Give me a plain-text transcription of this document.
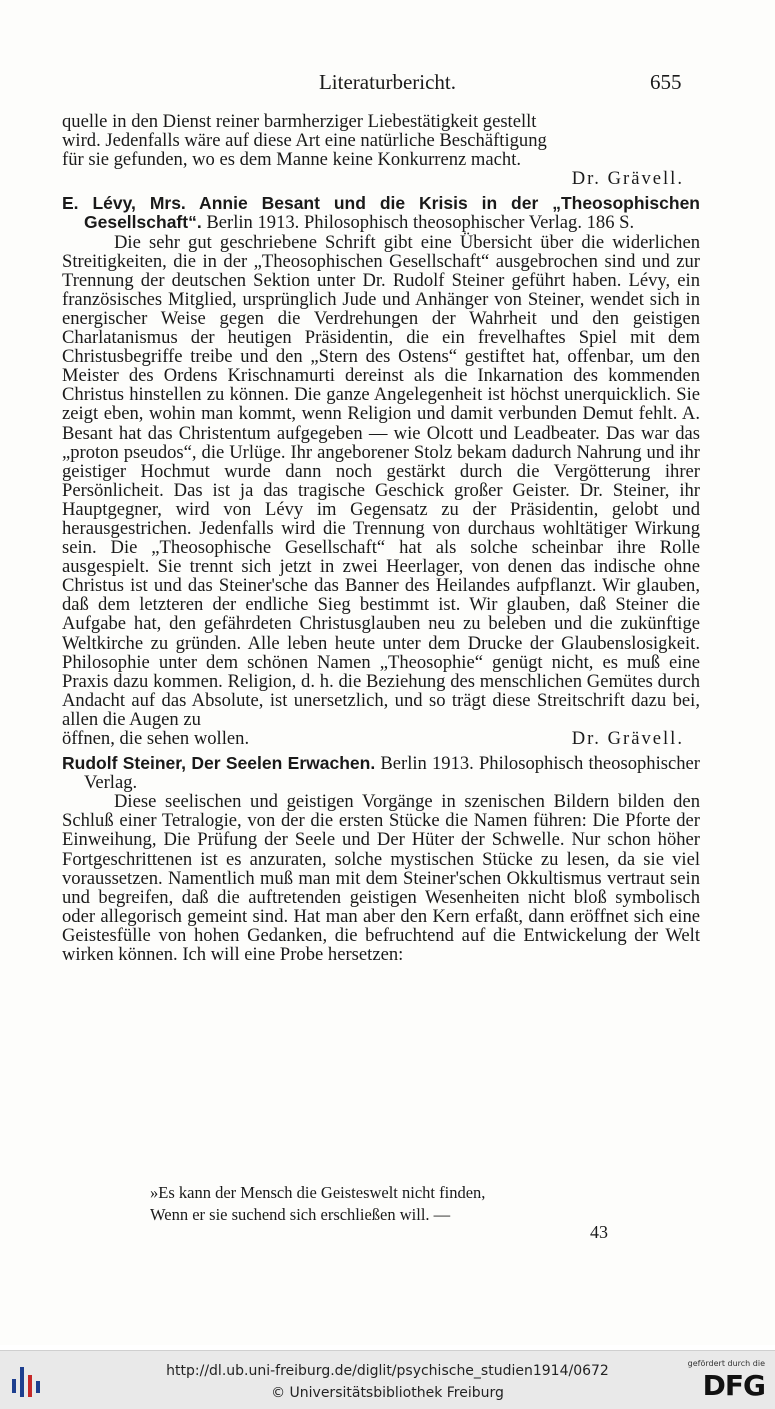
Literaturbericht.	655

quelle in den Dienst reiner barmherziger Liebestätigkeit gestellt

wird. Jedenfalls wäre auf diese Art eine natürliche Beschäftigung

für sie gefunden, wo es dem Manne keine Konkurrenz macht.

Dr. Grävell.

E. Lévy, Mrs. Annie Besant und die Krisis in der „Theosophischen Gesellschaft“. Berlin 1913. Philosophisch theosophischer Verlag. 186 S.

Die sehr gut geschriebene Schrift gibt eine Übersicht über die widerlichen Streitigkeiten, die in der „Theosophischen Gesellschaft“ ausgebrochen sind und zur Trennung der deutschen Sektion unter Dr. Rudolf Steiner geführt haben. Lévy, ein französisches Mitglied, ursprünglich Jude und Anhänger von Steiner, wendet sich in energischer Weise gegen die Verdrehungen der Wahrheit und den geistigen Charlatanismus der heutigen Präsidentin, die ein frevelhaftes Spiel mit dem Christusbegriffe treibe und den „Stern des Ostens“ gestiftet hat, offenbar, um den Meister des Ordens Krischnamurti dereinst als die Inkarnation des kommenden Christus hinstellen zu können. Die ganze Angelegenheit ist höchst unerquicklich. Sie zeigt eben, wohin man kommt, wenn Religion und damit verbunden Demut fehlt. A. Besant hat das Christentum aufgegeben — wie Olcott und Leadbeater. Das war das „proton pseudos“, die Urlüge. Ihr angeborener Stolz bekam dadurch Nahrung und ihr geistiger Hochmut wurde dann noch gestärkt durch die Vergötterung ihrer Persönlicheit. Das ist ja das tragische Geschick großer Geister. Dr. Steiner, ihr Hauptgegner, wird von Lévy im Gegensatz zu der Präsidentin, gelobt und herausgestrichen. Jedenfalls wird die Trennung von durchaus wohltätiger Wirkung sein. Die „Theosophische Gesellschaft“ hat als solche scheinbar ihre Rolle ausgespielt. Sie trennt sich jetzt in zwei Heerlager, von denen das indische ohne Christus ist und das Steiner'sche das Banner des Heilandes aufpflanzt. Wir glauben, daß dem letzteren der endliche Sieg bestimmt ist. Wir glauben, daß Steiner die Aufgabe hat, den gefährdeten Christusglauben neu zu beleben und die zukünftige Weltkirche zu gründen. Alle leben heute unter dem Drucke der Glaubenslosigkeit. Philosophie unter dem schönen Namen „Theosophie“ genügt nicht, es muß eine Praxis dazu kommen. Religion, d. h. die Beziehung des menschlichen Gemütes durch Andacht auf das Absolute, ist unersetzlich, und so trägt diese Streitschrift dazu bei, allen die Augen zu

öffnen, die sehen wollen.	Dr. Grävell.

Rudolf Steiner, Der Seelen Erwachen. Berlin 1913. Philosophisch theosophischer Verlag.

Diese seelischen und geistigen Vorgänge in szenischen Bildern bilden den Schluß einer Tetralogie, von der die ersten Stücke die Namen führen: Die Pforte der Einweihung, Die Prüfung der Seele und Der Hüter der Schwelle. Nur schon höher Fortgeschrittenen ist es anzuraten, solche mystischen Stücke zu lesen, da sie viel voraussetzen. Namentlich muß man mit dem Steiner'schen Okkultismus vertraut sein und begreifen, daß die auftretenden geistigen Wesenheiten nicht bloß symbolisch oder allegorisch gemeint sind. Hat man aber den Kern erfaßt, dann eröffnet sich eine Geistesfülle von hohen Gedanken, die befruchtend auf die Entwickelung der Welt wirken können. Ich will eine Probe hersetzen:

»Es kann der Mensch die Geisteswelt nicht finden,
Wenn er sie suchend sich erschließen will. —
43
http://dl.ub.uni-freiburg.de/diglit/psychische_studien1914/0672
© Universitätsbibliothek Freiburg
gefördert durch die
DFG
